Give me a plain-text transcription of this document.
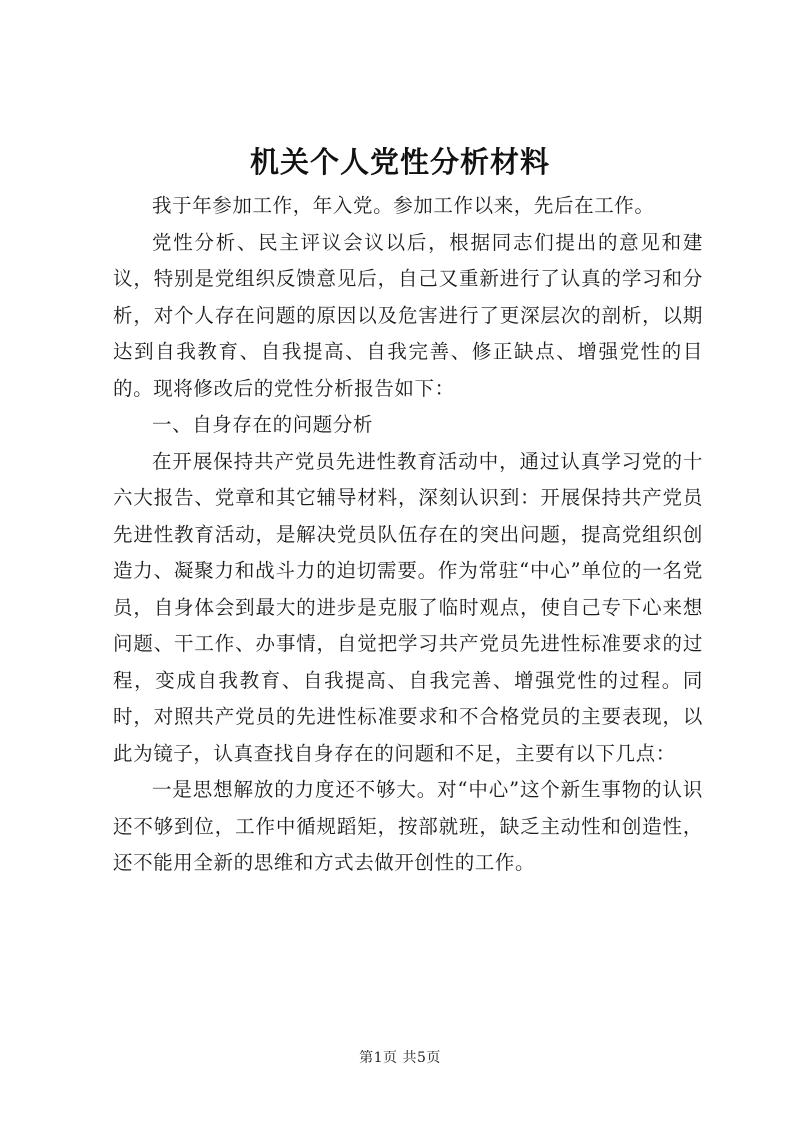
机关个人党性分析材料

我于年参加工作，年入党。参加工作以来，先后在工作。

党性分析、民主评议会议以后，根据同志们提出的意见和建议，特别是党组织反馈意见后，自己又重新进行了认真的学习和分析，对个人存在问题的原因以及危害进行了更深层次的剖析，以期达到自我教育、自我提高、自我完善、修正缺点、增强党性的目的。现将修改后的党性分析报告如下：

一、自身存在的问题分析

在开展保持共产党员先进性教育活动中，通过认真学习党的十六大报告、党章和其它辅导材料，深刻认识到：开展保持共产党员先进性教育活动，是解决党员队伍存在的突出问题，提高党组织创造力、凝聚力和战斗力的迫切需要。作为常驻“中心”单位的一名党员，自身体会到最大的进步是克服了临时观点，使自己专下心来想问题、干工作、办事情，自觉把学习共产党员先进性标准要求的过程，变成自我教育、自我提高、自我完善、增强党性的过程。同时，对照共产党员的先进性标准要求和不合格党员的主要表现，以此为镜子，认真查找自身存在的问题和不足，主要有以下几点：

一是思想解放的力度还不够大。对“中心”这个新生事物的认识还不够到位，工作中循规蹈矩，按部就班，缺乏主动性和创造性，还不能用全新的思维和方式去做开创性的工作。

第1页 共5页
